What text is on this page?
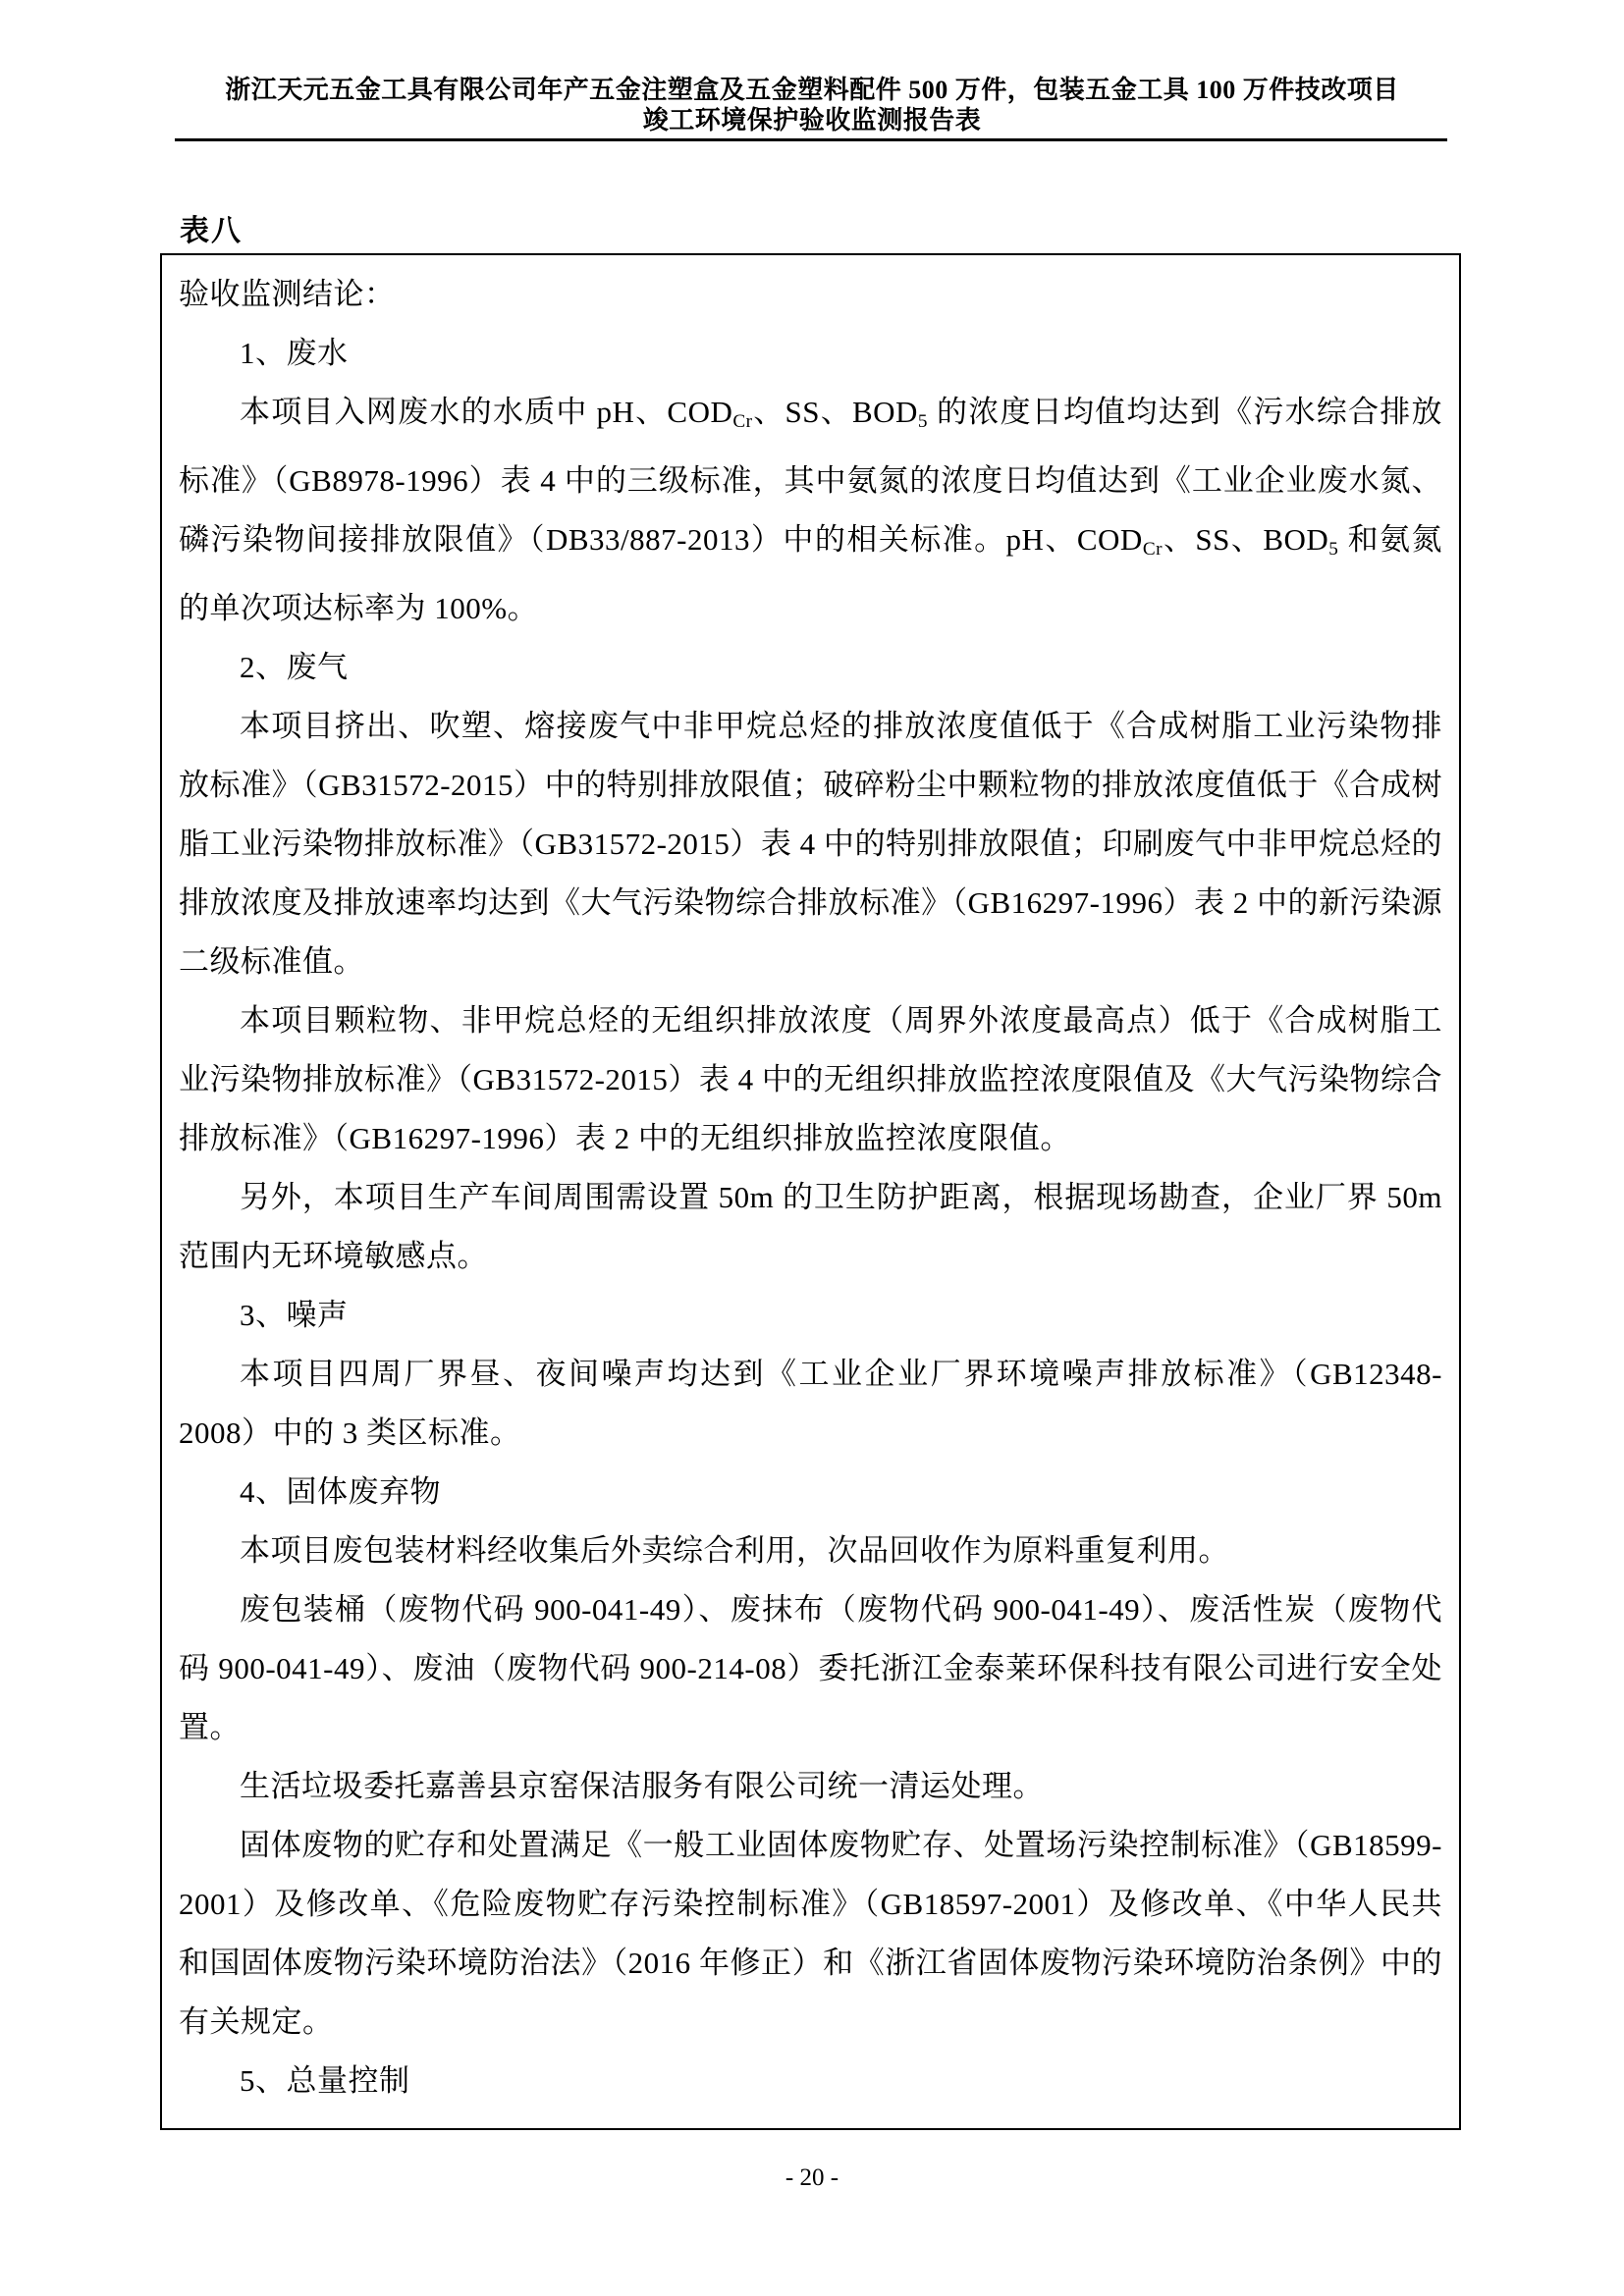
浙江天元五金工具有限公司年产五金注塑盒及五金塑料配件 500 万件，包装五金工具 100 万件技改项目
竣工环境保护验收监测报告表
表八
验收监测结论：

1、废水

本项目入网废水的水质中 pH、$COD_{Cr}$、SS、$BOD_5$ 的浓度日均值均达到《污水综合排放标准》（GB8978-1996）表 4 中的三级标准，其中氨氮的浓度日均值达到《工业企业废水氮、磷污染物间接排放限值》（DB33/887-2013）中的相关标准。pH、$COD_{Cr}$、SS、$BOD_5$ 和氨氮的单次项达标率为 100%。

2、废气

本项目挤出、吹塑、熔接废气中非甲烷总烃的排放浓度值低于《合成树脂工业污染物排放标准》（GB31572-2015）中的特别排放限值；破碎粉尘中颗粒物的排放浓度值低于《合成树脂工业污染物排放标准》（GB31572-2015）表 4 中的特别排放限值；印刷废气中非甲烷总烃的排放浓度及排放速率均达到《大气污染物综合排放标准》（GB16297-1996）表 2 中的新污染源二级标准值。

本项目颗粒物、非甲烷总烃的无组织排放浓度（周界外浓度最高点）低于《合成树脂工业污染物排放标准》（GB31572-2015）表 4 中的无组织排放监控浓度限值及《大气污染物综合排放标准》（GB16297-1996）表 2 中的无组织排放监控浓度限值。

另外，本项目生产车间周围需设置 50m 的卫生防护距离，根据现场勘查，企业厂界 50m 范围内无环境敏感点。

3、噪声

本项目四周厂界昼、夜间噪声均达到《工业企业厂界环境噪声排放标准》（GB12348-2008）中的 3 类区标准。

4、固体废弃物

本项目废包装材料经收集后外卖综合利用，次品回收作为原料重复利用。

废包装桶（废物代码 900-041-49）、废抹布（废物代码 900-041-49）、废活性炭（废物代码 900-041-49）、废油（废物代码 900-214-08）委托浙江金泰莱环保科技有限公司进行安全处置。

生活垃圾委托嘉善县京窑保洁服务有限公司统一清运处理。

固体废物的贮存和处置满足《一般工业固体废物贮存、处置场污染控制标准》（GB18599-2001）及修改单、《危险废物贮存污染控制标准》（GB18597-2001）及修改单、《中华人民共和国固体废物污染环境防治法》（2016 年修正）和《浙江省固体废物污染环境防治条例》中的有关规定。

5、总量控制

- 20 -
